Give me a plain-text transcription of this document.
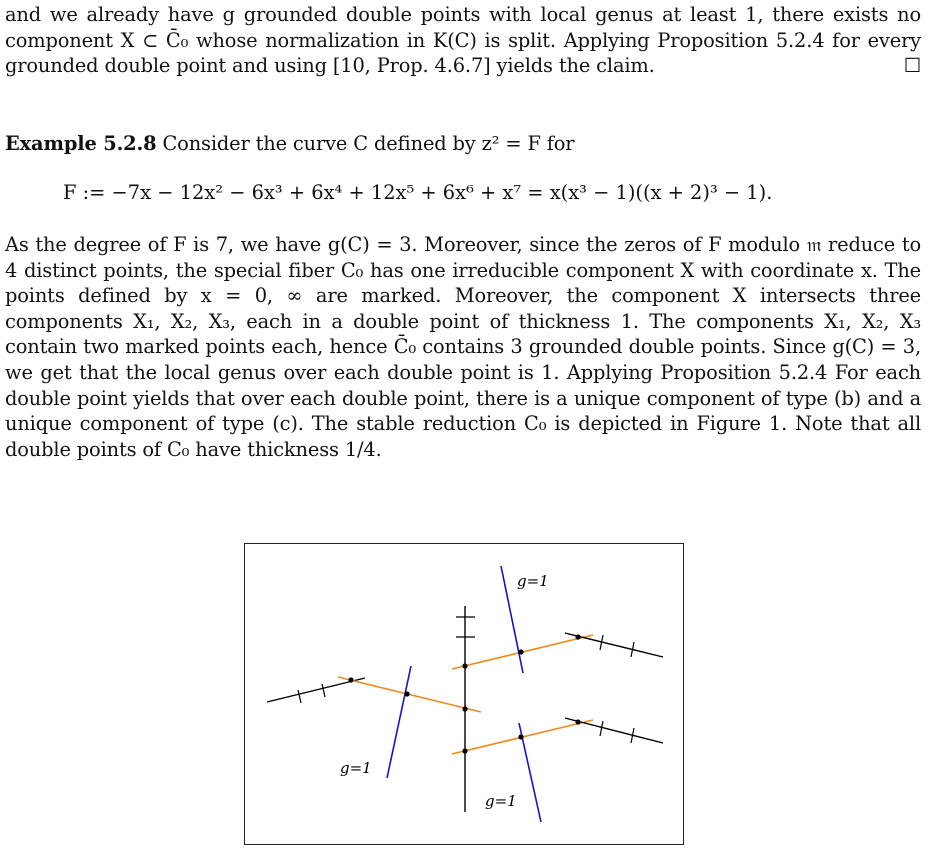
and we already have g grounded double points with local genus at least 1, there exists no component X ⊂ C̄₀ whose normalization in K(C) is split. Applying Proposition 5.2.4 for every grounded double point and using [10, Prop. 4.6.7] yields the claim.	☐

Example 5.2.8 Consider the curve C defined by z² = F for

F := −7x − 12x² − 6x³ + 6x⁴ + 12x⁵ + 6x⁶ + x⁷ = x(x³ − 1)((x + 2)³ − 1).

As the degree of F is 7, we have g(C) = 3. Moreover, since the zeros of F modulo 𝔪 reduce to 4 distinct points, the special fiber C₀ has one irreducible component X with coordinate x. The points defined by x = 0, ∞ are marked. Moreover, the component X intersects three components X₁, X₂, X₃, each in a double point of thickness 1. The components X₁, X₂, X₃ contain two marked points each, hence C̄₀ contains 3 grounded double points. Since g(C) = 3, we get that the local genus over each double point is 1. Applying Proposition 5.2.4 For each double point yields that over each double point, there is a unique component of type (b) and a unique component of type (c). The stable reduction C₀ is depicted in Figure 1. Note that all double points of C₀ have thickness 1/4.

g=1
g=1
g=1
